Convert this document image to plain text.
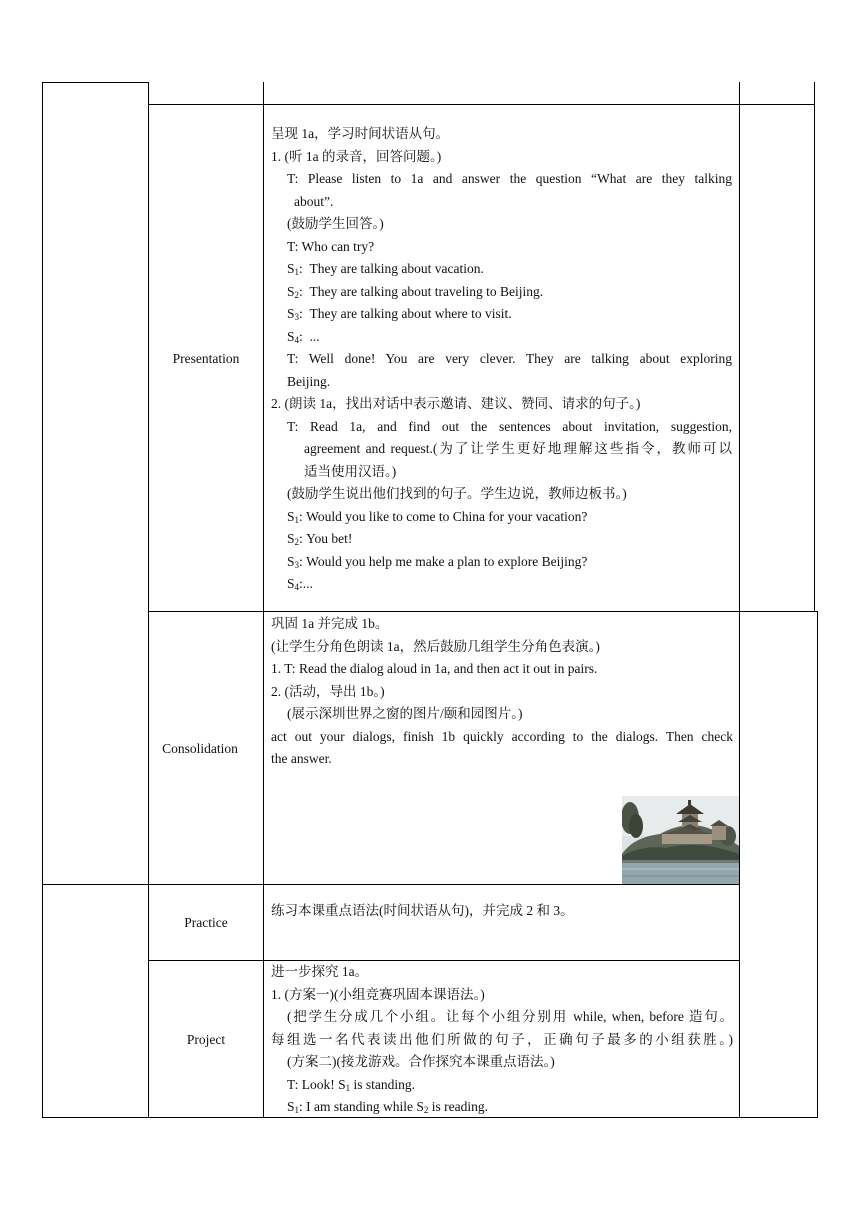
Presentation
Consolidation
Practice
Project
呈现 1a，学习时间状语从句。
1. (听 1a 的录音，回答问题。)
T: Please listen to 1a and answer the question “What are they talking
about”.
(鼓励学生回答。)
T: Who can try?
$S_1$: They are talking about vacation.
$S_2$: They are talking about traveling to Beijing.
$S_3$: They are talking about where to visit.
$S_4$: ...
T: Well done! You are very clever. They are talking about exploring
Beijing.
2. (朗读 1a，找出对话中表示邀请、建议、赞同、请求的句子。)
T: Read 1a, and find out the sentences about invitation, suggestion,
agreement and request.(为了让学生更好地理解这些指令，教师可以
适当使用汉语。)
(鼓励学生说出他们找到的句子。学生边说，教师边板书。)
$S_1$: Would you like to come to China for your vacation?
$S_2$: You bet!
$S_3$: Would you help me make a plan to explore Beijing?
$S_4$:...
巩固 1a 并完成 1b。
(让学生分角色朗读 1a，然后鼓励几组学生分角色表演。)
1. T: Read the dialog aloud in 1a, and then act it out in pairs.
2. (活动，导出 1b。)
(展示深圳世界之窗的图片/颐和园图片。)
act out your dialogs, finish 1b quickly according to the dialogs. Then check
the answer.
练习本课重点语法(时间状语从句)，并完成 2 和 3。
进一步探究 1a。
1. (方案一)(小组竞赛巩固本课语法。)
(把学生分成几个小组。让每个小组分别用 while, when, before 造句。
每组选一名代表读出他们所做的句子，正确句子最多的小组获胜。)
(方案二)(接龙游戏。合作探究本课重点语法。)
T: Look! $S_1$ is standing.
$S_1$: I am standing while $S_2$ is reading.
